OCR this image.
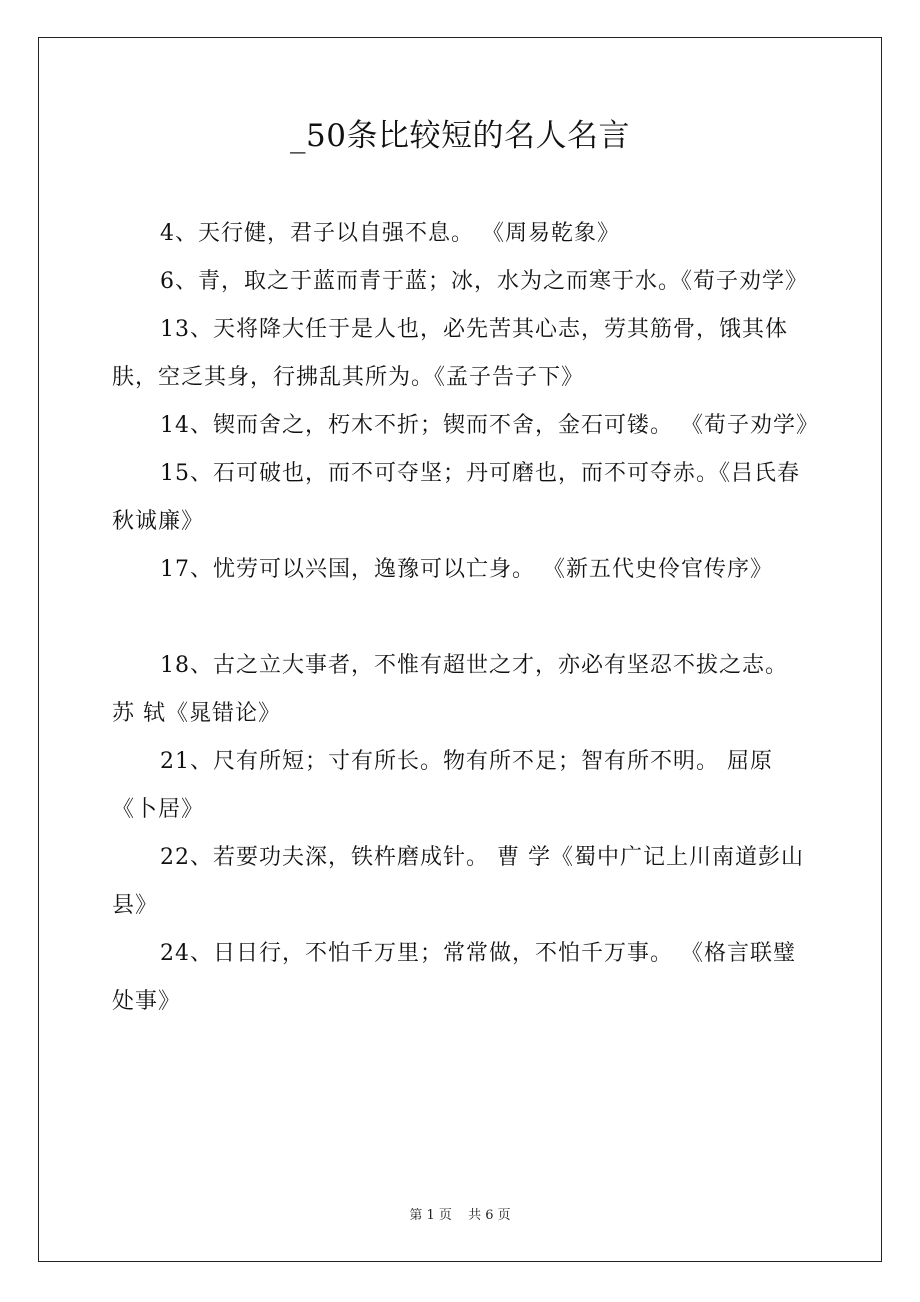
_50条比较短的名人名言

4、天行健，君子以自强不息。 《周易乾象》

6、青，取之于蓝而青于蓝；冰，水为之而寒于水。《荀子劝学》

13、天将降大任于是人也，必先苦其心志，劳其筋骨，饿其体肤，空乏其身，行拂乱其所为。《孟子告子下》

14、锲而舍之，朽木不折；锲而不舍，金石可镂。 《荀子劝学》

15、石可破也，而不可夺坚；丹可磨也，而不可夺赤。《吕氏春秋诚廉》

17、忧劳可以兴国，逸豫可以亡身。 《新五代史伶官传序》

18、古之立大事者，不惟有超世之才，亦必有坚忍不拔之志。 苏 轼《晁错论》

21、尺有所短；寸有所长。物有所不足；智有所不明。 屈原《卜居》

22、若要功夫深，铁杵磨成针。 曹 学《蜀中广记上川南道彭山县》

24、日日行，不怕千万里；常常做，不怕千万事。 《格言联璧处事》

第 1 页 共 6 页
